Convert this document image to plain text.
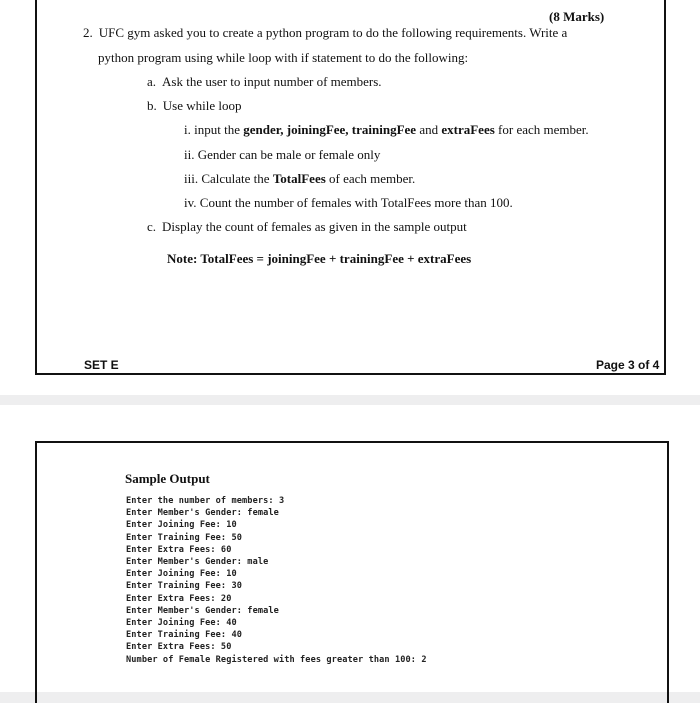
(8 Marks)
2. UFC gym asked you to create a python program to do the following requirements. Write a
python program using while loop with if statement to do the following:
a. Ask the user to input number of members.
b. Use while loop
i. input the gender, joiningFee, trainingFee and extraFees for each member.
ii. Gender can be male or female only
iii. Calculate the TotalFees of each member.
iv. Count the number of females with TotalFees more than 100.
c. Display the count of females as given in the sample output
Note: TotalFees = joiningFee + trainingFee + extraFees
SET E	Page 3 of 4
Sample Output
Enter the number of members: 3
Enter Member's Gender: female
Enter Joining Fee: 10
Enter Training Fee: 50
Enter Extra Fees: 60
Enter Member's Gender: male
Enter Joining Fee: 10
Enter Training Fee: 30
Enter Extra Fees: 20
Enter Member's Gender: female
Enter Joining Fee: 40
Enter Training Fee: 40
Enter Extra Fees: 50
Number of Female Registered with fees greater than 100: 2
